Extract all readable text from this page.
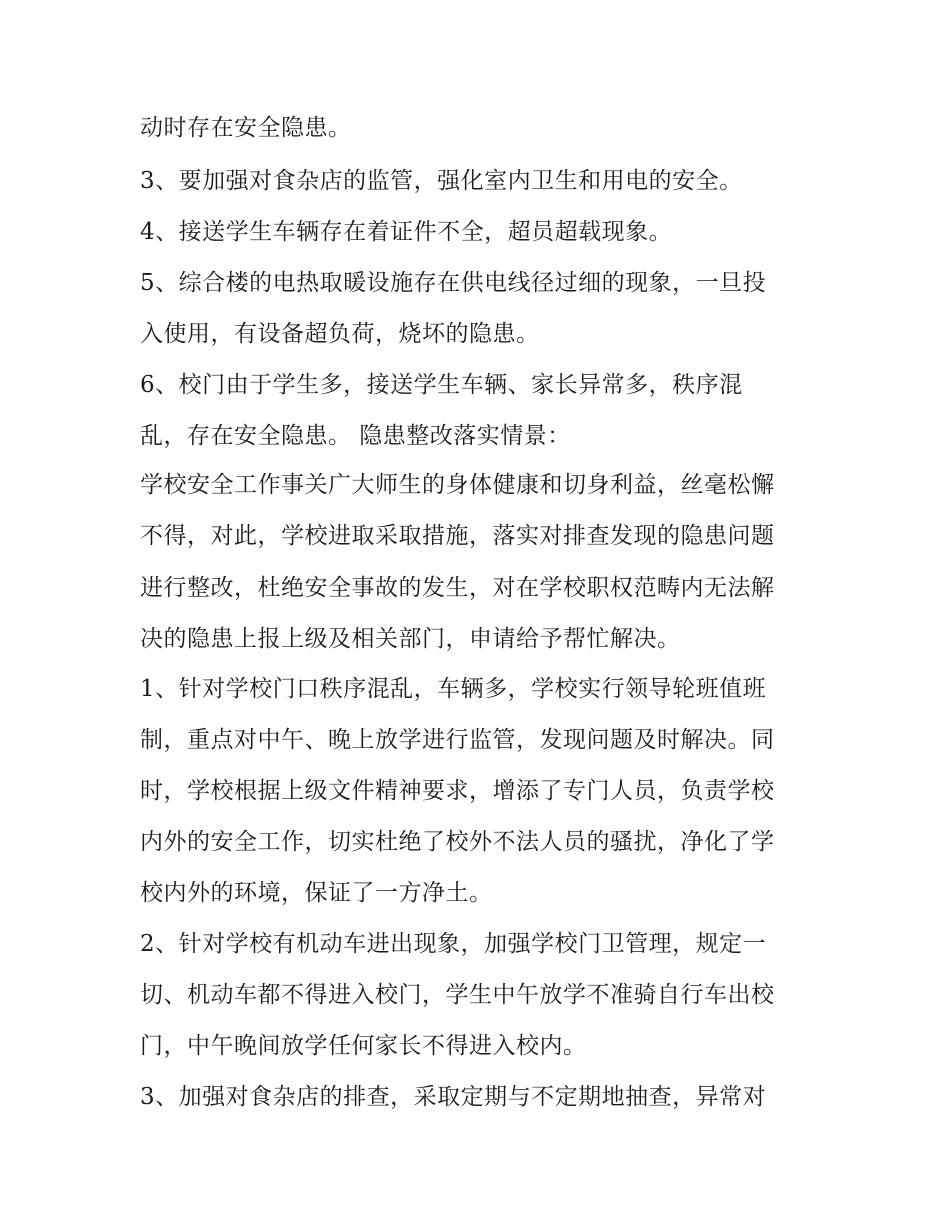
动时存在安全隐患。
3、要加强对食杂店的监管，强化室内卫生和用电的安全。
4、接送学生车辆存在着证件不全，超员超载现象。
5、综合楼的电热取暖设施存在供电线径过细的现象，一旦投
入使用，有设备超负荷，烧坏的隐患。
6、校门由于学生多，接送学生车辆、家长异常多，秩序混
乱，存在安全隐患。 隐患整改落实情景：
学校安全工作事关广大师生的身体健康和切身利益，丝毫松懈
不得，对此，学校进取采取措施，落实对排查发现的隐患问题
进行整改，杜绝安全事故的发生，对在学校职权范畴内无法解
决的隐患上报上级及相关部门，申请给予帮忙解决。
1、针对学校门口秩序混乱，车辆多，学校实行领导轮班值班
制，重点对中午、晚上放学进行监管，发现问题及时解决。同
时，学校根据上级文件精神要求，增添了专门人员，负责学校
内外的安全工作，切实杜绝了校外不法人员的骚扰，净化了学
校内外的环境，保证了一方净土。
2、针对学校有机动车进出现象，加强学校门卫管理，规定一
切、机动车都不得进入校门，学生中午放学不准骑自行车出校
门，中午晚间放学任何家长不得进入校内。
3、加强对食杂店的排查，采取定期与不定期地抽查，异常对
